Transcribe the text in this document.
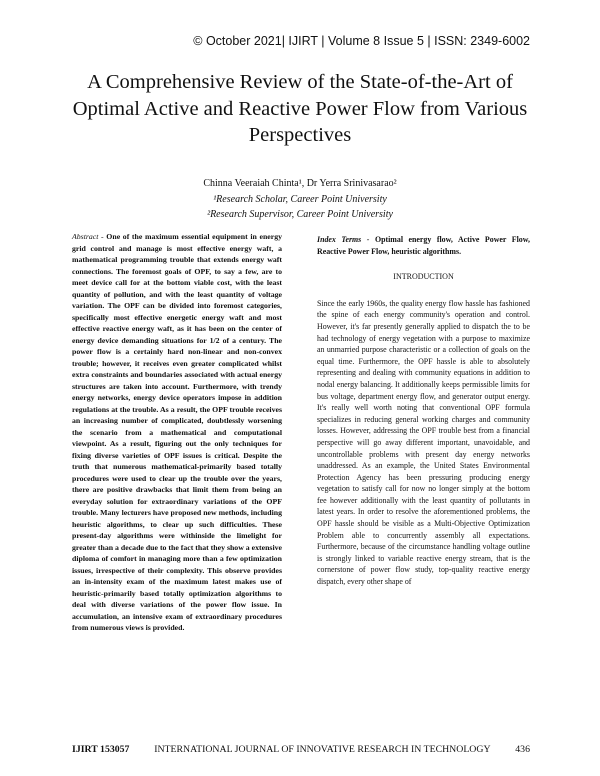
© October 2021| IJIRT | Volume 8 Issue 5 | ISSN: 2349-6002
A Comprehensive Review of the State-of-the-Art of Optimal Active and Reactive Power Flow from Various Perspectives
Chinna Veeraiah Chinta¹, Dr Yerra Srinivasarao²
¹Research Scholar, Career Point University
²Research Supervisor, Career Point University
Abstract - One of the maximum essential equipment in energy grid control and manage is most effective energy waft, a mathematical programming trouble that extends energy waft connections. The foremost goals of OPF, to say a few, are to meet device call for at the bottom viable cost, with the least quantity of pollution, and with the least quantity of voltage variation. The OPF can be divided into foremost categories, specifically most effective energetic energy waft and most effective reactive energy waft, as it has been on the center of energy device demanding situations for 1/2 of a century. The power flow is a certainly hard non-linear and non-convex trouble; however, it receives even greater complicated whilst extra constraints and boundaries associated with actual energy structures are taken into account. Furthermore, with trendy energy networks, energy device operators impose in addition regulations at the trouble. As a result, the OPF trouble receives an increasing number of complicated, doubtlessly worsening the scenario from a mathematical and computational viewpoint. As a result, figuring out the only techniques for fixing diverse varieties of OPF issues is critical. Despite the truth that numerous mathematical-primarily based totally procedures were used to clear up the trouble over the years, there are positive drawbacks that limit them from being an everyday solution for extraordinary variations of the OPF trouble. Many lecturers have proposed new methods, including heuristic algorithms, to clear up such difficulties. These present-day algorithms were withinside the limelight for greater than a decade due to the fact that they show a extensive diploma of comfort in managing more than a few optimization issues, irrespective of their complexity. This observe provides an in-intensity exam of the maximum latest makes use of heuristic-primarily based totally optimization algorithms to deal with diverse variations of the power flow issue. In accumulation, an intensive exam of extraordinary procedures from numerous views is provided.
Index Terms - Optimal energy flow, Active Power Flow, Reactive Power Flow, heuristic algorithms.
INTRODUCTION

Since the early 1960s, the quality energy flow hassle has fashioned the spine of each energy community's operation and control. However, it's far presently generally applied to dispatch the to be had technology of energy vegetation with a purpose to maximize an unmarried purpose characteristic or a collection of goals on the equal time. Furthermore, the OPF hassle is able to absolutely representing and dealing with community equations in addition to nodal energy balancing. It additionally keeps permissible limits for bus voltage, department energy flow, and generator output energy. It's really well worth noting that conventional OPF formula specializes in reducing general working charges and community losses. However, addressing the OPF trouble best from a financial perspective will go away different important, unavoidable, and uncontrollable problems with present day energy networks unaddressed. As an example, the United States Environmental Protection Agency has been pressuring producing energy vegetation to satisfy call for now no longer simply at the bottom fee however additionally with the least quantity of pollutants in latest years. In order to resolve the aforementioned problems, the OPF hassle should be visible as a Multi-Objective Optimization Problem able to concurrently assembly all expectations. Furthermore, because of the circumstance handling voltage outline is strongly linked to variable reactive energy stream, that is the cornerstone of power flow study, top-quality reactive energy dispatch, every other shape of

IJIRT 153057	INTERNATIONAL JOURNAL OF INNOVATIVE RESEARCH IN TECHNOLOGY	436
